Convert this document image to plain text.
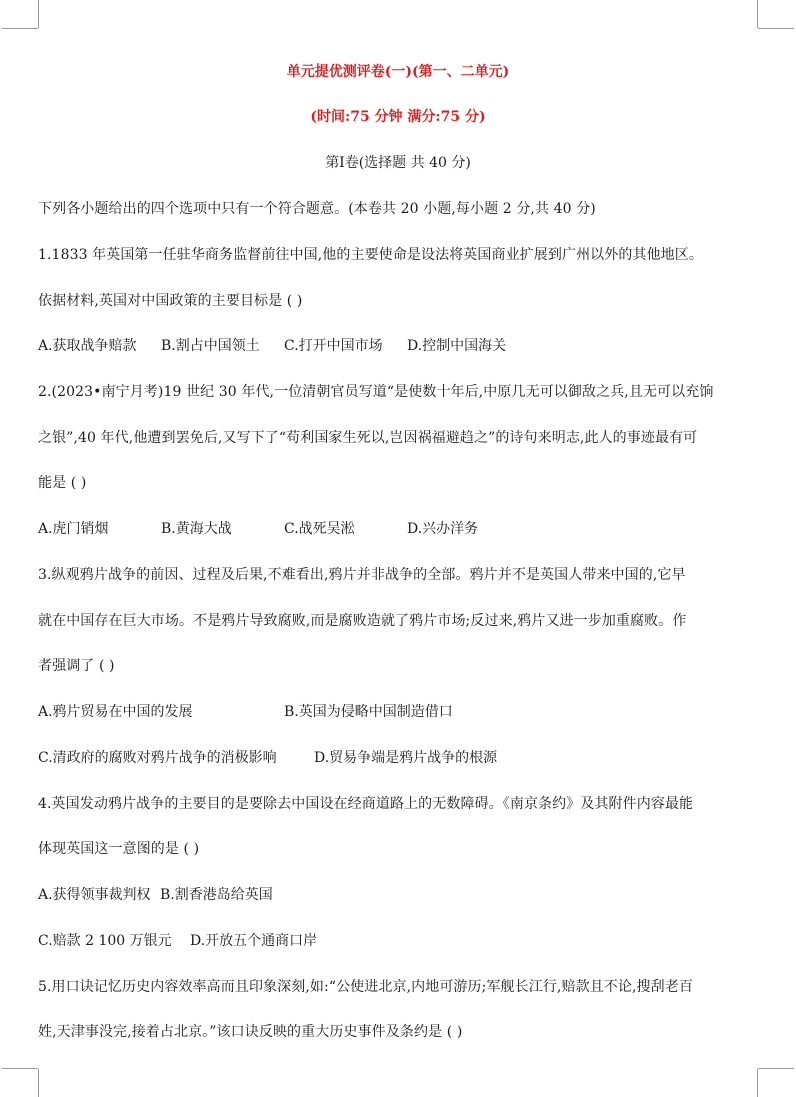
单元提优测评卷(一)(第一、二单元)
(时间:75 分钟 满分:75 分)
第Ⅰ卷(选择题 共 40 分)
下列各小题给出的四个选项中只有一个符合题意。(本卷共 20 小题,每小题 2 分,共 40 分)
1.1833 年英国第一任驻华商务监督前往中国,他的主要使命是设法将英国商业扩展到广州以外的其他地区。
依据材料,英国对中国政策的主要目标是 ( )
A.获取战争赔款 B.割占中国领土 C.打开中国市场 D.控制中国海关
2.(2023•南宁月考)19 世纪 30 年代,一位清朝官员写道“是使数十年后,中原几无可以御敌之兵,且无可以充饷
之银”,40 年代,他遭到罢免后,又写下了“苟利国家生死以,岂因祸福避趋之”的诗句来明志,此人的事迹最有可
能是 ( )
A.虎门销烟	B.黄海大战	C.战死吴淞	D.兴办洋务
3.纵观鸦片战争的前因、过程及后果,不难看出,鸦片并非战争的全部。鸦片并不是英国人带来中国的,它早
就在中国存在巨大市场。不是鸦片导致腐败,而是腐败造就了鸦片市场;反过来,鸦片又进一步加重腐败。作
者强调了 ( )
A.鸦片贸易在中国的发展	B.英国为侵略中国制造借口
C.清政府的腐败对鸦片战争的消极影响	D.贸易争端是鸦片战争的根源
4.英国发动鸦片战争的主要目的是要除去中国设在经商道路上的无数障碍。《南京条约》及其附件内容最能
体现英国这一意图的是 ( )
A.获得领事裁判权 B.割香港岛给英国
C.赔款 2 100 万银元 D.开放五个通商口岸
5.用口诀记忆历史内容效率高而且印象深刻,如:“公使进北京,内地可游历;军舰长江行,赔款且不论,搜刮老百
姓,天津事没完,接着占北京。”该口诀反映的重大历史事件及条约是 ( )
